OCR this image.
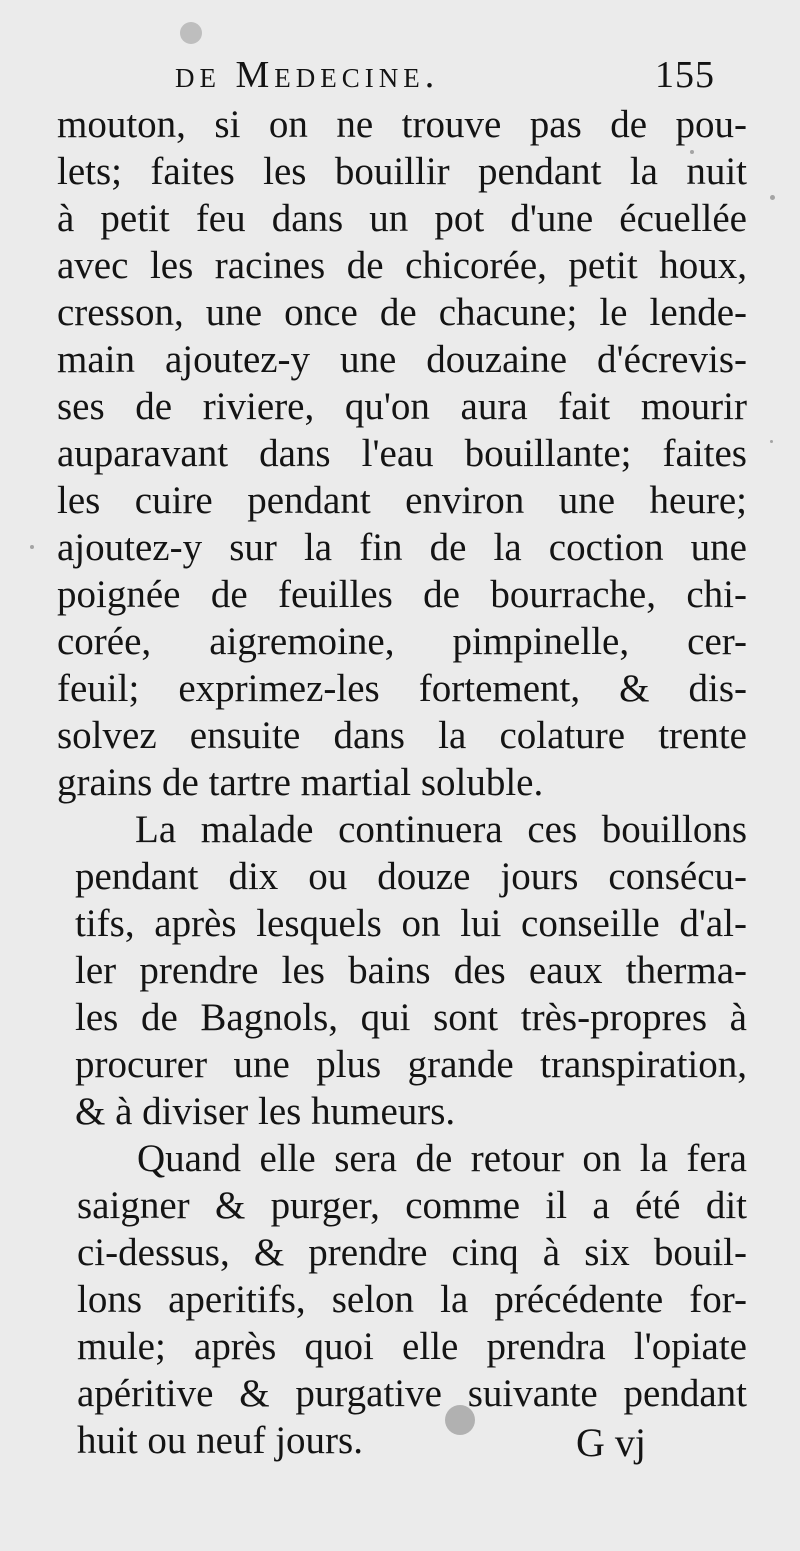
de Medecine.	155
mouton, si on ne trouve pas de pou-
lets; faites les bouillir pendant la nuit
à petit feu dans un pot d'une écuellée
avec les racines de chicorée, petit houx,
cresson, une once de chacune; le lende-
main ajoutez-y une douzaine d'écrevis-
ses de riviere, qu'on aura fait mourir
auparavant dans l'eau bouillante; faites
les cuire pendant environ une heure;
ajoutez-y sur la fin de la coction une
poignée de feuilles de bourrache, chi-
corée, aigremoine, pimpinelle, cer-
feuil; exprimez-les fortement, & dis-
solvez ensuite dans la colature trente
grains de tartre martial soluble.
La malade continuera ces bouillons
pendant dix ou douze jours consécu-
tifs, après lesquels on lui conseille d'al-
ler prendre les bains des eaux therma-
les de Bagnols, qui sont très-propres à
procurer une plus grande transpiration,
& à diviser les humeurs.
Quand elle sera de retour on la fera
saigner & purger, comme il a été dit
ci-dessus, & prendre cinq à six bouil-
lons aperitifs, selon la précédente for-
mule; après quoi elle prendra l'opiate
apéritive & purgative suivante pendant
huit ou neuf jours.	G vj
